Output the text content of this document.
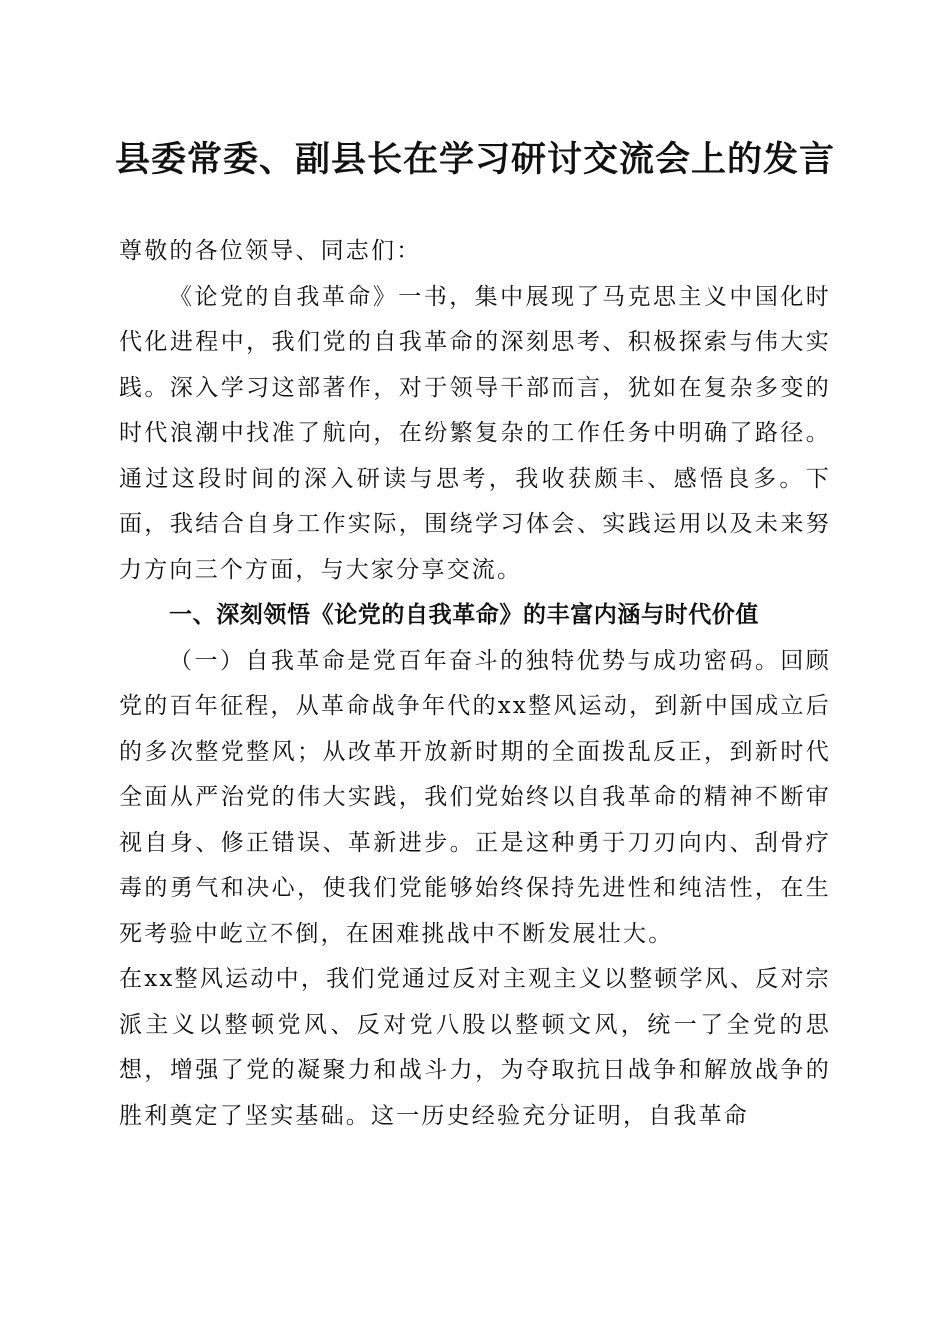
县委常委、副县长在学习研讨交流会上的发言

尊敬的各位领导、同志们：

《论党的自我革命》一书，集中展现了马克思主义中国化时代化进程中，我们党的自我革命的深刻思考、积极探索与伟大实践。深入学习这部著作，对于领导干部而言，犹如在复杂多变的时代浪潮中找准了航向，在纷繁复杂的工作任务中明确了路径。通过这段时间的深入研读与思考，我收获颇丰、感悟良多。下面，我结合自身工作实际，围绕学习体会、实践运用以及未来努力方向三个方面，与大家分享交流。

一、深刻领悟《论党的自我革命》的丰富内涵与时代价值

（一）自我革命是党百年奋斗的独特优势与成功密码。回顾党的百年征程，从革命战争年代的xx整风运动，到新中国成立后的多次整党整风；从改革开放新时期的全面拨乱反正，到新时代全面从严治党的伟大实践，我们党始终以自我革命的精神不断审视自身、修正错误、革新进步。正是这种勇于刀刃向内、刮骨疗毒的勇气和决心，使我们党能够始终保持先进性和纯洁性，在生死考验中屹立不倒，在困难挑战中不断发展壮大。

在xx整风运动中，我们党通过反对主观主义以整顿学风、反对宗派主义以整顿党风、反对党八股以整顿文风，统一了全党的思想，增强了党的凝聚力和战斗力，为夺取抗日战争和解放战争的胜利奠定了坚实基础。这一历史经验充分证明，自我革命
